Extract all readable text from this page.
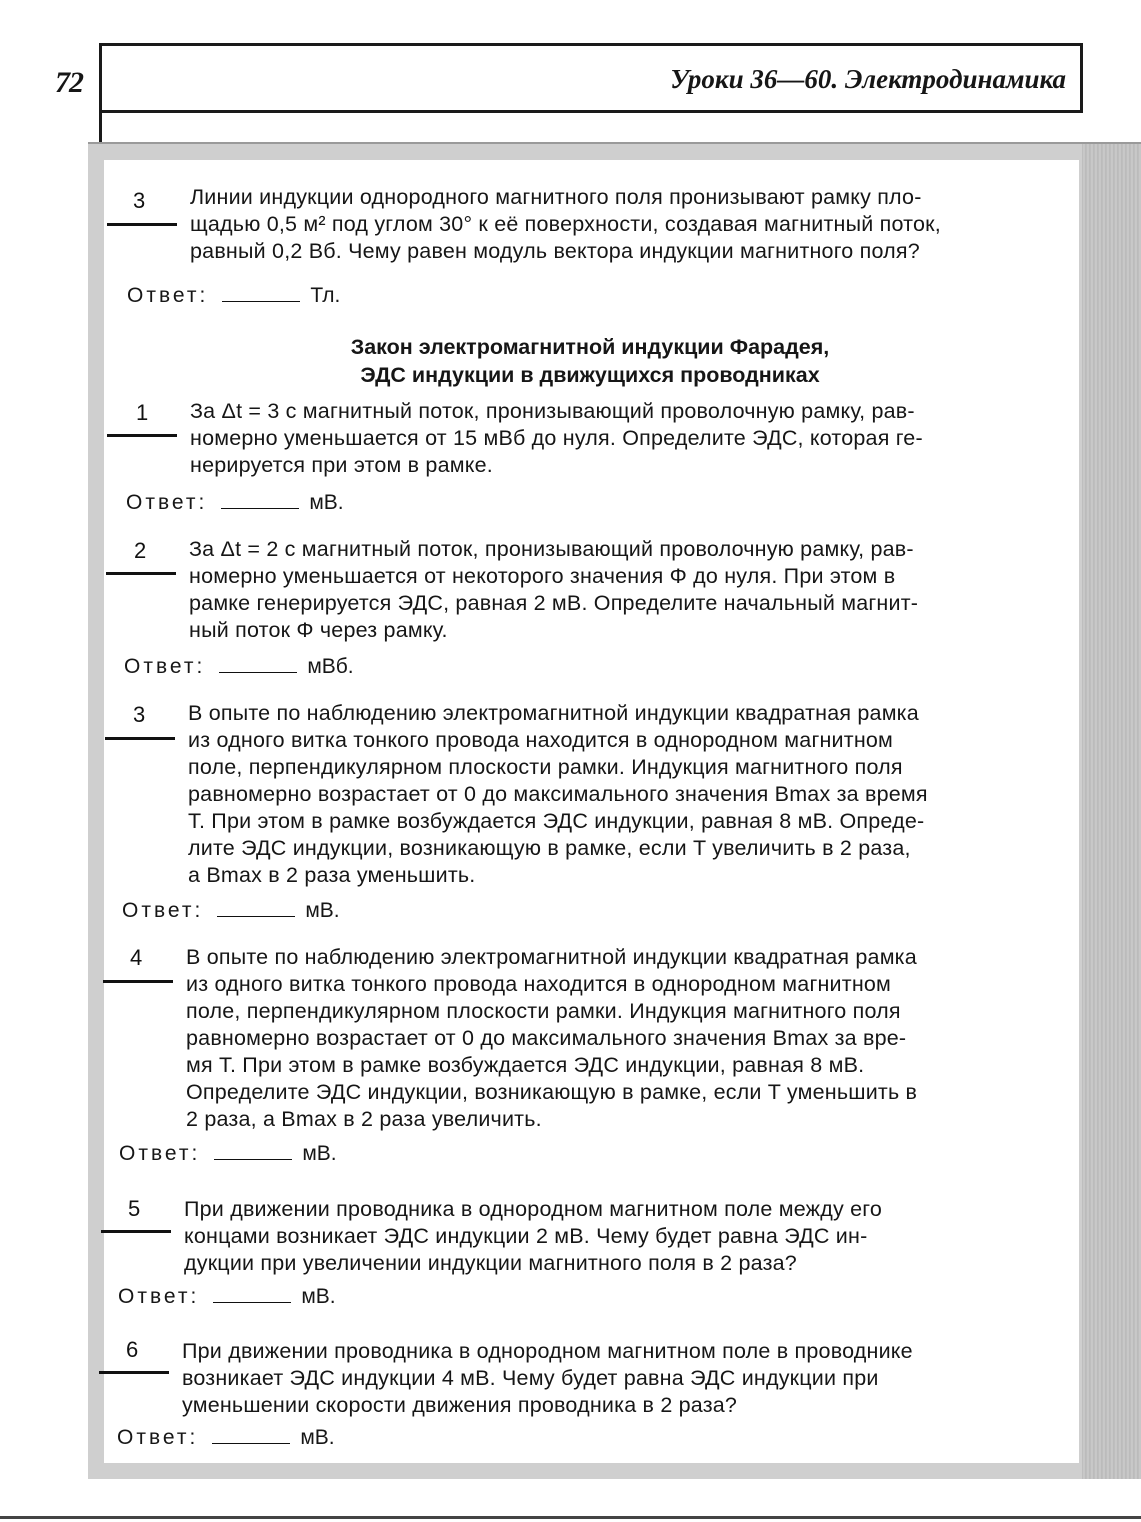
72	Уроки 36—60. Электродинамика
3 Линии индукции однородного магнитного поля пронизывают рамку пло-
щадью 0,5 м² под углом 30° к её поверхности, создавая магнитный поток,
равный 0,2 Вб. Чему равен модуль вектора индукции магнитного поля?
Ответ:	Тл.
Закон электромагнитной индукции Фарадея,
ЭДС индукции в движущихся проводниках
1 За Δt = 3 с магнитный поток, пронизывающий проволочную рамку, рав-
номерно уменьшается от 15 мВб до нуля. Определите ЭДС, которая ге-
нерируется при этом в рамке.
Ответ:	мВ.
2 За Δt = 2 с магнитный поток, пронизывающий проволочную рамку, рав-
номерно уменьшается от некоторого значения Φ до нуля. При этом в
рамке генерируется ЭДС, равная 2 мВ. Определите начальный магнит-
ный поток Φ через рамку.
Ответ:	мВб.
3 В опыте по наблюдению электромагнитной индукции квадратная рамка
из одного витка тонкого провода находится в однородном магнитном
поле, перпендикулярном плоскости рамки. Индукция магнитного поля
равномерно возрастает от 0 до максимального значения Bmax за время
T. При этом в рамке возбуждается ЭДС индукции, равная 8 мВ. Опреде-
лите ЭДС индукции, возникающую в рамке, если T увеличить в 2 раза,
а Bmax в 2 раза уменьшить.
Ответ:	мВ.
4 В опыте по наблюдению электромагнитной индукции квадратная рамка
из одного витка тонкого провода находится в однородном магнитном
поле, перпендикулярном плоскости рамки. Индукция магнитного поля
равномерно возрастает от 0 до максимального значения Bmax за вре-
мя T. При этом в рамке возбуждается ЭДС индукции, равная 8 мВ.
Определите ЭДС индукции, возникающую в рамке, если T уменьшить в
2 раза, а Bmax в 2 раза увеличить.
Ответ:	мВ.
5 При движении проводника в однородном магнитном поле между его
концами возникает ЭДС индукции 2 мВ. Чему будет равна ЭДС ин-
дукции при увеличении индукции магнитного поля в 2 раза?
Ответ:	мВ.
6 При движении проводника в однородном магнитном поле в проводнике
возникает ЭДС индукции 4 мВ. Чему будет равна ЭДС индукции при
уменьшении скорости движения проводника в 2 раза?
Ответ:	мВ.
